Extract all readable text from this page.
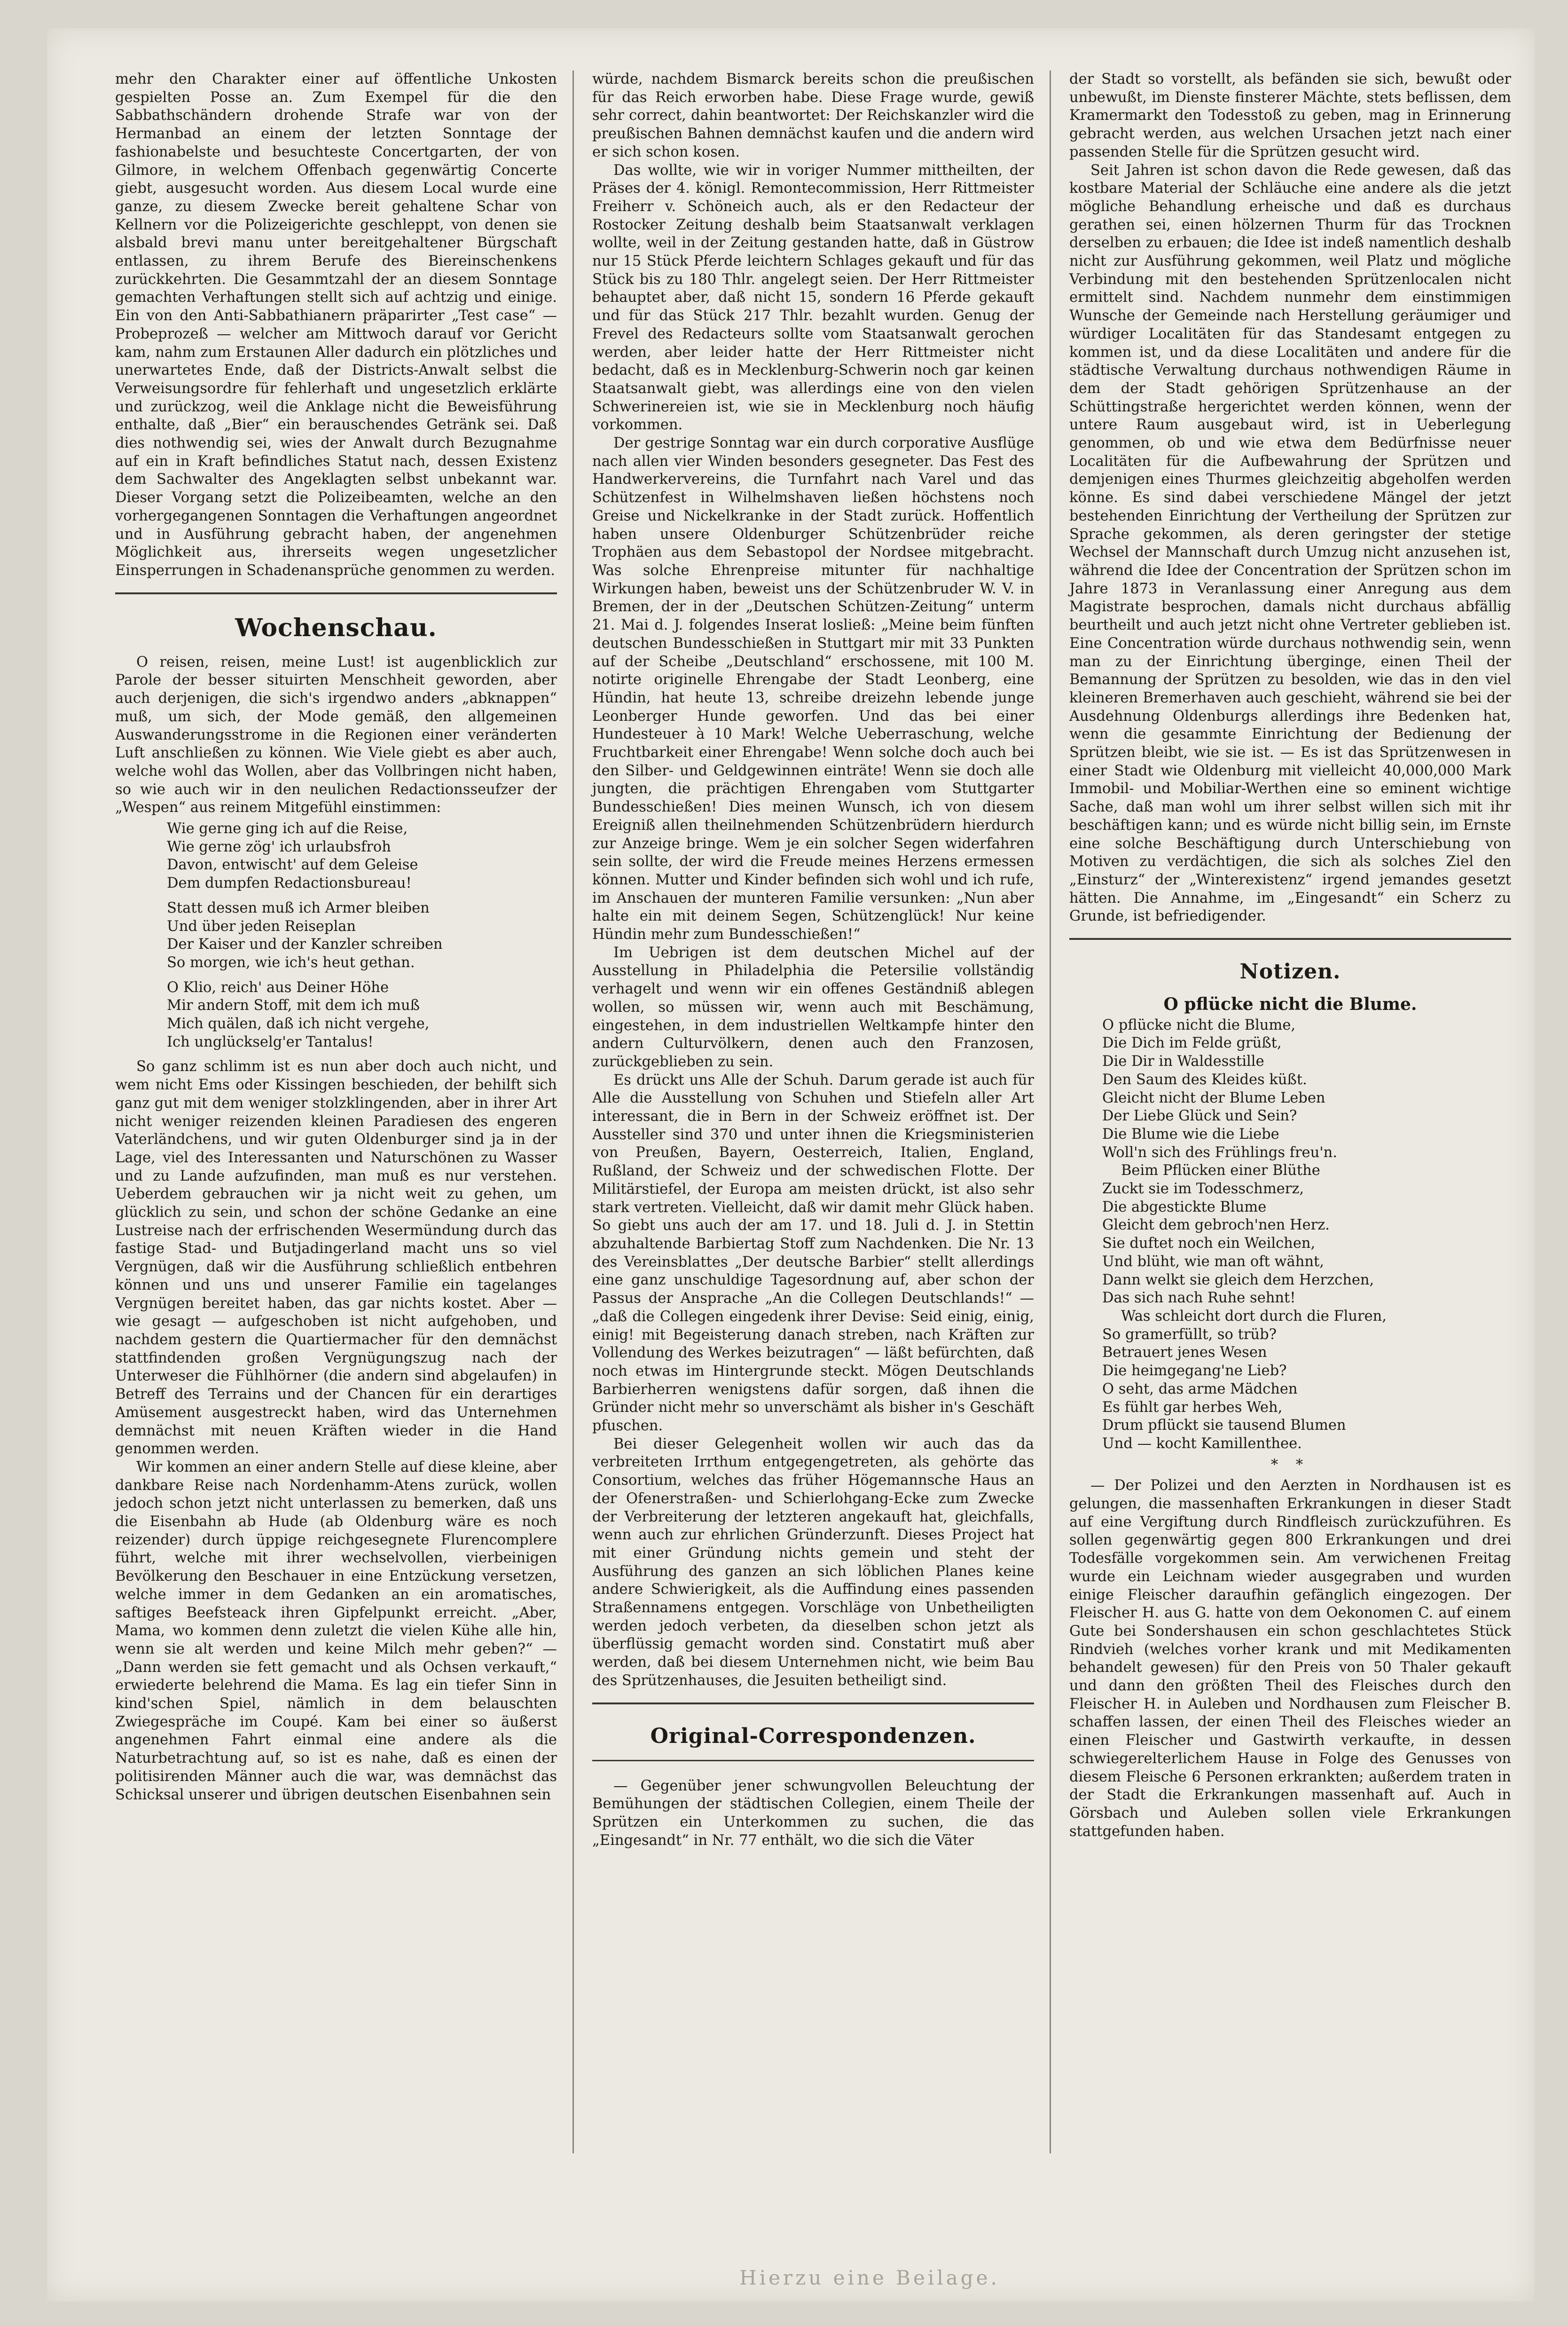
mehr den Charakter einer auf öffentliche Unkosten gespielten Posse an. Zum Exempel für die den Sabbathschändern drohende Strafe war von der Hermanbad an einem der letzten Sonntage der fashionabelste und besuchteste Concertgarten, der von Gilmore, in welchem Offenbach gegenwärtig Concerte giebt, ausgesucht worden. Aus diesem Local wurde eine ganze, zu diesem Zwecke bereit gehaltene Schar von Kellnern vor die Polizeigerichte geschleppt, von denen sie alsbald brevi manu unter bereitgehaltener Bürgschaft entlassen, zu ihrem Berufe des Biereinschenkens zurückkehrten. Die Gesammtzahl der an diesem Sonntage gemachten Verhaftungen stellt sich auf achtzig und einige. Ein von den Anti-Sabbathianern präparirter „Test case“ — Probeprozeß — welcher am Mittwoch darauf vor Gericht kam, nahm zum Erstaunen Aller dadurch ein plötzliches und unerwartetes Ende, daß der Districts-Anwalt selbst die Verweisungsordre für fehlerhaft und ungesetzlich erklärte und zurückzog, weil die Anklage nicht die Beweisführung enthalte, daß „Bier“ ein berauschendes Getränk sei. Daß dies nothwendig sei, wies der Anwalt durch Bezugnahme auf ein in Kraft befindliches Statut nach, dessen Existenz dem Sachwalter des Angeklagten selbst unbekannt war. Dieser Vorgang setzt die Polizeibeamten, welche an den vorhergegangenen Sonntagen die Verhaftungen angeordnet und in Ausführung gebracht haben, der angenehmen Möglichkeit aus, ihrerseits wegen ungesetzlicher Einsperrungen in Schadenansprüche genommen zu werden.

Wochenschau.

O reisen, reisen, meine Lust! ist augenblicklich zur Parole der besser situirten Menschheit geworden, aber auch derjenigen, die sich's irgendwo anders „abknappen“ muß, um sich, der Mode gemäß, den allgemeinen Auswanderungsstrome in die Regionen einer veränderten Luft anschließen zu können. Wie Viele giebt es aber auch, welche wohl das Wollen, aber das Vollbringen nicht haben, so wie auch wir in den neulichen Redactionsseufzer der „Wespen“ aus reinem Mitgefühl einstimmen:

Wie gerne ging ich auf die Reise,
Wie gerne zög' ich urlaubsfroh
Davon, entwischt' auf dem Geleise
Dem dumpfen Redactionsbureau!
Statt dessen muß ich Armer bleiben
Und über jeden Reiseplan
Der Kaiser und der Kanzler schreiben
So morgen, wie ich's heut gethan.
O Klio, reich' aus Deiner Höhe
Mir andern Stoff, mit dem ich muß
Mich quälen, daß ich nicht vergehe,
Ich unglückselg'er Tantalus!

So ganz schlimm ist es nun aber doch auch nicht, und wem nicht Ems oder Kissingen beschieden, der behilft sich ganz gut mit dem weniger stolzklingenden, aber in ihrer Art nicht weniger reizenden kleinen Paradiesen des engeren Vaterländchens, und wir guten Oldenburger sind ja in der Lage, viel des Interessanten und Naturschönen zu Wasser und zu Lande aufzufinden, man muß es nur verstehen. Ueberdem gebrauchen wir ja nicht weit zu gehen, um glücklich zu sein, und schon der schöne Gedanke an eine Lustreise nach der erfrischenden Wesermündung durch das fastige Stad- und Butjadingerland macht uns so viel Vergnügen, daß wir die Ausführung schließlich entbehren können und uns und unserer Familie ein tagelanges Vergnügen bereitet haben, das gar nichts kostet. Aber — wie gesagt — aufgeschoben ist nicht aufgehoben, und nachdem gestern die Quartiermacher für den demnächst stattfindenden großen Vergnügungszug nach der Unterweser die Fühlhörner (die andern sind abgelaufen) in Betreff des Terrains und der Chancen für ein derartiges Amüsement ausgestreckt haben, wird das Unternehmen demnächst mit neuen Kräften wieder in die Hand genommen werden.

Wir kommen an einer andern Stelle auf diese kleine, aber dankbare Reise nach Nordenhamm-Atens zurück, wollen jedoch schon jetzt nicht unterlassen zu bemerken, daß uns die Eisenbahn ab Hude (ab Oldenburg wäre es noch reizender) durch üppige reichgesegnete Flurencomplere führt, welche mit ihrer wechselvollen, vierbeinigen Bevölkerung den Beschauer in eine Entzückung versetzen, welche immer in dem Gedanken an ein aromatisches, saftiges Beefsteack ihren Gipfelpunkt erreicht. „Aber, Mama, wo kommen denn zuletzt die vielen Kühe alle hin, wenn sie alt werden und keine Milch mehr geben?“ — „Dann werden sie fett gemacht und als Ochsen verkauft,“ erwiederte belehrend die Mama. Es lag ein tiefer Sinn in kind'schen Spiel, nämlich in dem belauschten Zwiegespräche im Coupé. Kam bei einer so äußerst angenehmen Fahrt einmal eine andere als die Naturbetrachtung auf, so ist es nahe, daß es einen der politisirenden Männer auch die war, was demnächst das Schicksal unserer und übrigen deutschen Eisenbahnen sein

würde, nachdem Bismarck bereits schon die preußischen für das Reich erworben habe. Diese Frage wurde, gewiß sehr correct, dahin beantwortet: Der Reichskanzler wird die preußischen Bahnen demnächst kaufen und die andern wird er sich schon kosen.

Das wollte, wie wir in voriger Nummer mittheilten, der Präses der 4. königl. Remontecommission, Herr Rittmeister Freiherr v. Schöneich auch, als er den Redacteur der Rostocker Zeitung deshalb beim Staatsanwalt verklagen wollte, weil in der Zeitung gestanden hatte, daß in Güstrow nur 15 Stück Pferde leichtern Schlages gekauft und für das Stück bis zu 180 Thlr. angelegt seien. Der Herr Rittmeister behauptet aber, daß nicht 15, sondern 16 Pferde gekauft und für das Stück 217 Thlr. bezahlt wurden. Genug der Frevel des Redacteurs sollte vom Staatsanwalt gerochen werden, aber leider hatte der Herr Rittmeister nicht bedacht, daß es in Mecklenburg-Schwerin noch gar keinen Staatsanwalt giebt, was allerdings eine von den vielen Schwerinereien ist, wie sie in Mecklenburg noch häufig vorkommen.

Der gestrige Sonntag war ein durch corporative Ausflüge nach allen vier Winden besonders gesegneter. Das Fest des Handwerkervereins, die Turnfahrt nach Varel und das Schützenfest in Wilhelmshaven ließen höchstens noch Greise und Nickelkranke in der Stadt zurück. Hoffentlich haben unsere Oldenburger Schützenbrüder reiche Trophäen aus dem Sebastopol der Nordsee mitgebracht. Was solche Ehrenpreise mitunter für nachhaltige Wirkungen haben, beweist uns der Schützenbruder W. V. in Bremen, der in der „Deutschen Schützen-Zeitung“ unterm 21. Mai d. J. folgendes Inserat losließ: „Meine beim fünften deutschen Bundesschießen in Stuttgart mir mit 33 Punkten auf der Scheibe „Deutschland“ erschossene, mit 100 M. notirte originelle Ehrengabe der Stadt Leonberg, eine Hündin, hat heute 13, schreibe dreizehn lebende junge Leonberger Hunde geworfen. Und das bei einer Hundesteuer à 10 Mark! Welche Ueberraschung, welche Fruchtbarkeit einer Ehrengabe! Wenn solche doch auch bei den Silber- und Geldgewinnen einträte! Wenn sie doch alle jungten, die prächtigen Ehrengaben vom Stuttgarter Bundesschießen! Dies meinen Wunsch, ich von diesem Ereigniß allen theilnehmenden Schützenbrüdern hierdurch zur Anzeige bringe. Wem je ein solcher Segen widerfahren sein sollte, der wird die Freude meines Herzens ermessen können. Mutter und Kinder befinden sich wohl und ich rufe, im Anschauen der munteren Familie versunken: „Nun aber halte ein mit deinem Segen, Schützenglück! Nur keine Hündin mehr zum Bundesschießen!“

Im Uebrigen ist dem deutschen Michel auf der Ausstellung in Philadelphia die Petersilie vollständig verhagelt und wenn wir ein offenes Geständniß ablegen wollen, so müssen wir, wenn auch mit Beschämung, eingestehen, in dem industriellen Weltkampfe hinter den andern Culturvölkern, denen auch den Franzosen, zurückgeblieben zu sein.

Es drückt uns Alle der Schuh. Darum gerade ist auch für Alle die Ausstellung von Schuhen und Stiefeln aller Art interessant, die in Bern in der Schweiz eröffnet ist. Der Aussteller sind 370 und unter ihnen die Kriegsministerien von Preußen, Bayern, Oesterreich, Italien, England, Rußland, der Schweiz und der schwedischen Flotte. Der Militärstiefel, der Europa am meisten drückt, ist also sehr stark vertreten. Vielleicht, daß wir damit mehr Glück haben. So giebt uns auch der am 17. und 18. Juli d. J. in Stettin abzuhaltende Barbiertag Stoff zum Nachdenken. Die Nr. 13 des Vereinsblattes „Der deutsche Barbier“ stellt allerdings eine ganz unschuldige Tagesordnung auf, aber schon der Passus der Ansprache „An die Collegen Deutschlands!“ — „daß die Collegen eingedenk ihrer Devise: Seid einig, einig, einig! mit Begeisterung danach streben, nach Kräften zur Vollendung des Werkes beizutragen“ — läßt befürchten, daß noch etwas im Hintergrunde steckt. Mögen Deutschlands Barbierherren wenigstens dafür sorgen, daß ihnen die Gründer nicht mehr so unverschämt als bisher in's Geschäft pfuschen.

Bei dieser Gelegenheit wollen wir auch das da verbreiteten Irrthum entgegengetreten, als gehörte das Consortium, welches das früher Högemannsche Haus an der Ofenerstraßen- und Schierlohgang-Ecke zum Zwecke der Verbreiterung der letzteren angekauft hat, gleichfalls, wenn auch zur ehrlichen Gründerzunft. Dieses Project hat mit einer Gründung nichts gemein und steht der Ausführung des ganzen an sich löblichen Planes keine andere Schwierigkeit, als die Auffindung eines passenden Straßennamens entgegen. Vorschläge von Unbetheiligten werden jedoch verbeten, da dieselben schon jetzt als überflüssig gemacht worden sind. Constatirt muß aber werden, daß bei diesem Unternehmen nicht, wie beim Bau des Sprützenhauses, die Jesuiten betheiligt sind.

Original-Correspondenzen.

— Gegenüber jener schwungvollen Beleuchtung der Bemühungen der städtischen Collegien, einem Theile der Sprützen ein Unterkommen zu suchen, die das „Eingesandt“ in Nr. 77 enthält, wo die sich die Väter

der Stadt so vorstellt, als befänden sie sich, bewußt oder unbewußt, im Dienste finsterer Mächte, stets beflissen, dem Kramermarkt den Todesstoß zu geben, mag in Erinnerung gebracht werden, aus welchen Ursachen jetzt nach einer passenden Stelle für die Sprützen gesucht wird.

Seit Jahren ist schon davon die Rede gewesen, daß das kostbare Material der Schläuche eine andere als die jetzt mögliche Behandlung erheische und daß es durchaus gerathen sei, einen hölzernen Thurm für das Trocknen derselben zu erbauen; die Idee ist indeß namentlich deshalb nicht zur Ausführung gekommen, weil Platz und mögliche Verbindung mit den bestehenden Sprützenlocalen nicht ermittelt sind. Nachdem nunmehr dem einstimmigen Wunsche der Gemeinde nach Herstellung geräumiger und würdiger Localitäten für das Standesamt entgegen zu kommen ist, und da diese Localitäten und andere für die städtische Verwaltung durchaus nothwendigen Räume in dem der Stadt gehörigen Sprützenhause an der Schüttingstraße hergerichtet werden können, wenn der untere Raum ausgebaut wird, ist in Ueberlegung genommen, ob und wie etwa dem Bedürfnisse neuer Localitäten für die Aufbewahrung der Sprützen und demjenigen eines Thurmes gleichzeitig abgeholfen werden könne. Es sind dabei verschiedene Mängel der jetzt bestehenden Einrichtung der Vertheilung der Sprützen zur Sprache gekommen, als deren geringster der stetige Wechsel der Mannschaft durch Umzug nicht anzusehen ist, während die Idee der Concentration der Sprützen schon im Jahre 1873 in Veranlassung einer Anregung aus dem Magistrate besprochen, damals nicht durchaus abfällig beurtheilt und auch jetzt nicht ohne Vertreter geblieben ist. Eine Concentration würde durchaus nothwendig sein, wenn man zu der Einrichtung überginge, einen Theil der Bemannung der Sprützen zu besolden, wie das in den viel kleineren Bremerhaven auch geschieht, während sie bei der Ausdehnung Oldenburgs allerdings ihre Bedenken hat, wenn die gesammte Einrichtung der Bedienung der Sprützen bleibt, wie sie ist. — Es ist das Sprützenwesen in einer Stadt wie Oldenburg mit vielleicht 40,000,000 Mark Immobil- und Mobiliar-Werthen eine so eminent wichtige Sache, daß man wohl um ihrer selbst willen sich mit ihr beschäftigen kann; und es würde nicht billig sein, im Ernste eine solche Beschäftigung durch Unterschiebung von Motiven zu verdächtigen, die sich als solches Ziel den „Einsturz“ der „Winterexistenz“ irgend jemandes gesetzt hätten. Die Annahme, im „Eingesandt“ ein Scherz zu Grunde, ist befriedigender.

Notizen.
O pflücke nicht die Blume.
O pflücke nicht die Blume,
Die Dich im Felde grüßt,
Die Dir in Waldesstille
Den Saum des Kleides küßt.
Gleicht nicht der Blume Leben
Der Liebe Glück und Sein?
Die Blume wie die Liebe
Woll'n sich des Frühlings freu'n.
Beim Pflücken einer Blüthe
Zuckt sie im Todesschmerz,
Die abgestickte Blume
Gleicht dem gebroch'nen Herz.
Sie duftet noch ein Weilchen,
Und blüht, wie man oft wähnt,
Dann welkt sie gleich dem Herzchen,
Das sich nach Ruhe sehnt!
Was schleicht dort durch die Fluren,
So gramerfüllt, so trüb?
Betrauert jenes Wesen
Die heimgegang'ne Lieb?
O seht, das arme Mädchen
Es fühlt gar herbes Weh,
Drum pflückt sie tausend Blumen
Und — kocht Kamillenthee.
* *

— Der Polizei und den Aerzten in Nordhausen ist es gelungen, die massenhaften Erkrankungen in dieser Stadt auf eine Vergiftung durch Rindfleisch zurückzuführen. Es sollen gegenwärtig gegen 800 Erkrankungen und drei Todesfälle vorgekommen sein. Am verwichenen Freitag wurde ein Leichnam wieder ausgegraben und wurden einige Fleischer daraufhin gefänglich eingezogen. Der Fleischer H. aus G. hatte von dem Oekonomen C. auf einem Gute bei Sondershausen ein schon geschlachtetes Stück Rindvieh (welches vorher krank und mit Medikamenten behandelt gewesen) für den Preis von 50 Thaler gekauft und dann den größten Theil des Fleisches durch den Fleischer H. in Auleben und Nordhausen zum Fleischer B. schaffen lassen, der einen Theil des Fleisches wieder an einen Fleischer und Gastwirth verkaufte, in dessen schwiegerelterlichem Hause in Folge des Genusses von diesem Fleische 6 Personen erkrankten; außerdem traten in der Stadt die Erkrankungen massenhaft auf. Auch in Görsbach und Auleben sollen viele Erkrankungen stattgefunden haben.

Hierzu eine Beilage.
